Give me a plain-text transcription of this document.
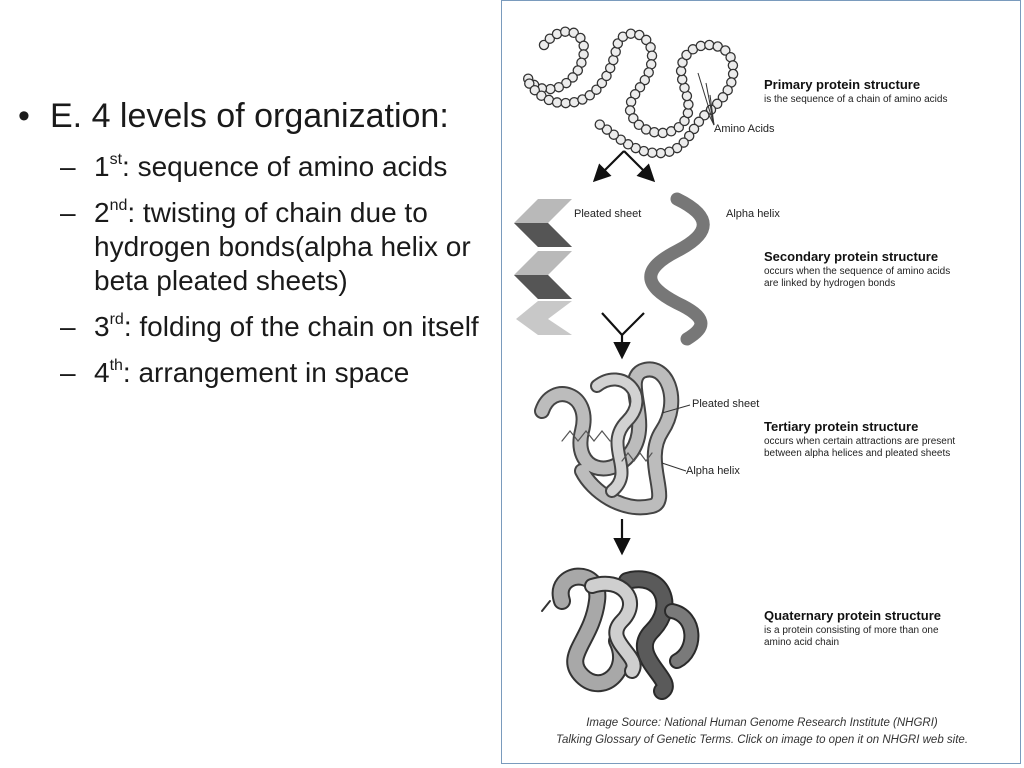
• E. 4 levels of organization:
– 1st: sequence of amino acids
– 2nd: twisting of chain due to hydrogen bonds(alpha helix or beta pleated sheets)
– 3rd: folding of the chain on itself
– 4th: arrangement in space
Primary protein structure
is the sequence of a chain of amino acids
Amino Acids
Pleated sheet	Alpha helix
Secondary protein structure
occurs when the sequence of amino acids
are linked by hydrogen bonds
Pleated sheet
Tertiary protein structure
occurs when certain attractions are present
between alpha helices and pleated sheets
Alpha helix
Quaternary protein structure
is a protein consisting of more than one
amino acid chain
Image Source: National Human Genome Research Institute (NHGRI)
Talking Glossary of Genetic Terms. Click on image to open it on NHGRI web site.
